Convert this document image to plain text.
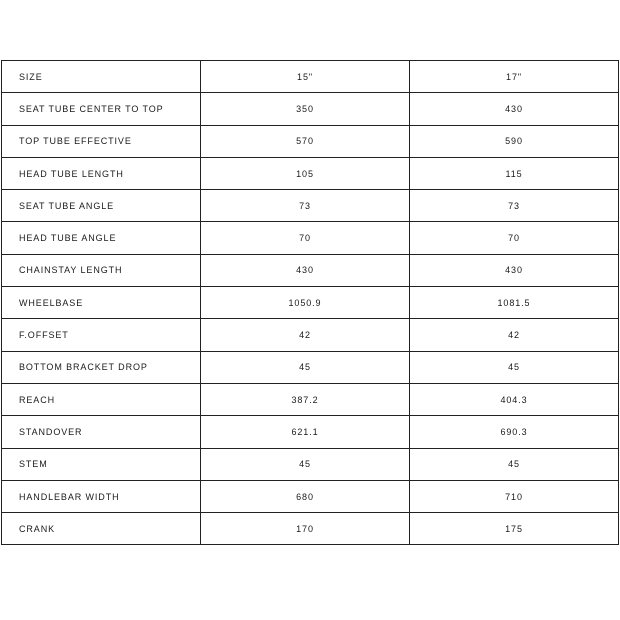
SIZE	15"	17"
SEAT TUBE CENTER TO TOP	350	430
TOP TUBE EFFECTIVE	570	590
HEAD TUBE LENGTH	105	115
SEAT TUBE ANGLE	73	73
HEAD TUBE ANGLE	70	70
CHAINSTAY LENGTH	430	430
WHEELBASE	1050.9	1081.5
F.OFFSET	42	42
BOTTOM BRACKET DROP	45	45
REACH	387.2	404.3
STANDOVER	621.1	690.3
STEM	45	45
HANDLEBAR WIDTH	680	710
CRANK	170	175
